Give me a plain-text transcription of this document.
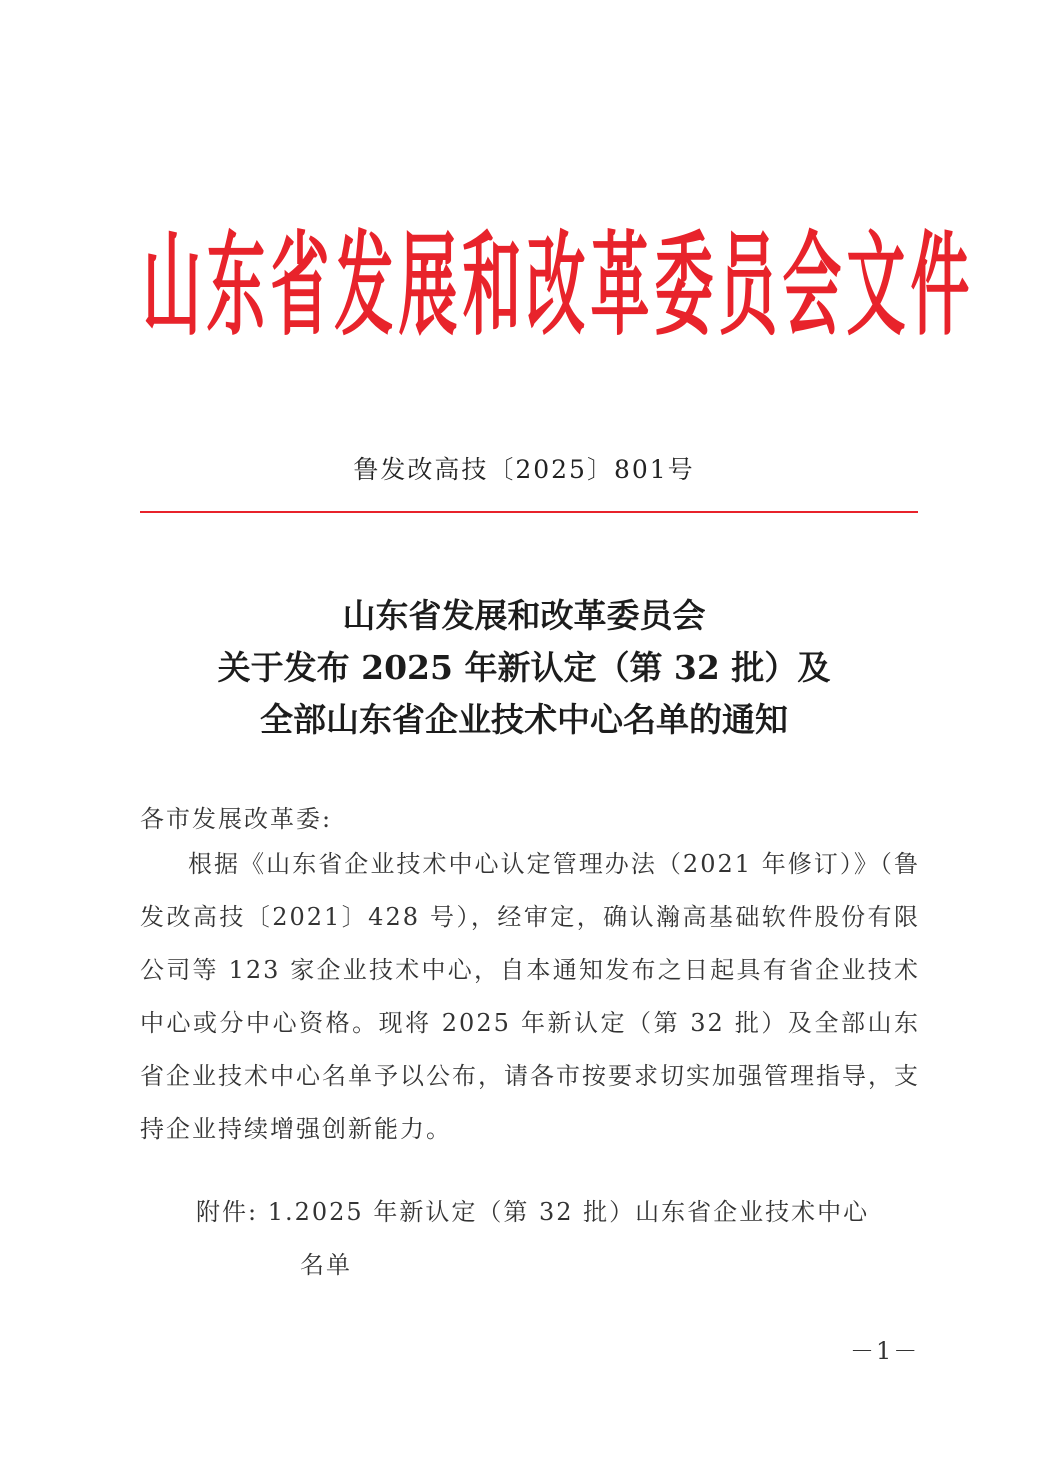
山 东 省 发 展 和 改 革 委 员 会 文 件
鲁发改高技〔2025〕801号
山东省发展和改革委员会
关于发布 2025 年新认定（第 32 批）及
全部山东省企业技术中心名单的通知
各市发展改革委:

根据《山东省企业技术中心认定管理办法（2021 年修订）》（鲁发改高技〔2021〕428 号），经审定，确认瀚高基础软件股份有限公司等 123 家企业技术中心，自本通知发布之日起具有省企业技术中心或分中心资格。现将 2025 年新认定（第 32 批）及全部山东省企业技术中心名单予以公布，请各市按要求切实加强管理指导，支持企业持续增强创新能力。

附件: 1.2025 年新认定（第 32 批）山东省企业技术中心
名单
－1－
